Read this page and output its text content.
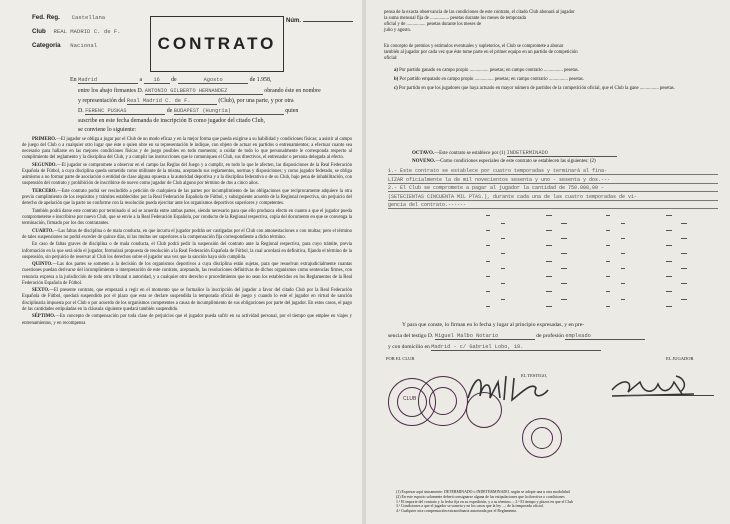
Fed. Reg. Castellana
Club REAL MADRID C. de F.
Categoría Nacional	CONTRATO
Núm.
En Madrid	a 16 de	Agosto	de 1.958,
entre los abajo firmantes D. ANTONIO GILBERTO HERNANDEZ	obrando éste en nombre
y representación del Real Madrid C. de F.	(Club), por una parte, y por otra
D. FERENC PUSKAS	de BUDAPEST (Hungría)	quien
suscribe en este fecha demanda de inscripción B como jugador del citado Club,
se conviene lo siguiente:

PRIMERO.—El jugador se obliga a jugar por el Club de un modo eficaz y en la mejor forma que pueda exigirse a su habilidad y condiciones físicas; a asistir al campo de juego del Club o a cualquier otro lugar que éste o quien obre en su representación le indique, con objeto de actuar en partidos o entrenamientos; a efectuar cuanto sea necesario para hallarse en las mejores condiciones físicas y de juego posibles en todo momento; a cuidar de todo lo que personalmente le corresponda respecto al cumplimiento del reglamento y la disciplina del Club, y a cumplir las instrucciones que le comuniquen el Club, sus directivos, el entrenador o persona delegada al efecto.

SEGUNDO.—El jugador se compromete a observar en el campo las Reglas del Juego y a cumplir, en todo lo que le afecten, las disposiciones de la Real Federación Española de Fútbol, a cuya disciplina queda sometido como militante de la misma, aceptando sus reglamentos, normas y disposiciones; y como jugador federado, se obliga asimismo a no formar parte de asociación o entidad de clase alguna opuesta a la autoridad deportiva y a la disciplina federativa o de su Club, bajo pena de inhabilitación, con suspensión del contrato y prohibición de inscribirse de nuevo como jugador de Club alguno por término de dos a cinco años.

TERCERO.—Este contrato podrá ser rescindido a petición de cualquiera de las partes por incumplimiento de las obligaciones que recíprocamente adquiere la otra previo cumplimiento de los requisitos y trámites establecidos por la Real Federación Española de Fútbol, y subsiguiente acuerdo de la Regional respectiva, sin perjuicio del derecho de apelación que la parte no conforme con la resolución pueda ejercitar ante los organismos deportivos superiores y competentes.

También podrá darse este contrato por terminado si así se acuerda entre ambas partes, siendo necesario para que ello produzca efecto en cuanto a que el jugador pueda comprometerse e inscribirse por nuevo Club, que se envíe a la Real Federación Española, por conducto de la Regional respectiva, copia del documento en que se convenga la terminación, firmado por los dos contratantes.

CUARTO.—Las faltas de disciplina o de mala conducta, en que incurra el jugador podrán ser castigadas por el Club con amonestaciones o con multas; pero el término de tales suspensiones no podrá exceder de quince días, ni las multas ser superiores a la compensación fija correspondiente a dicho término.

En caso de faltas graves de disciplina o de mala conducta, el Club podrá pedir la suspensión del contrato ante la Regional respectiva, para cuyo trámite, previa información en la que será oído el jugador, formulará propuesta de resolución a la Real Federación Española de Fútbol, la cual acordará en definitiva, fijando el término de la suspensión, sin perjuicio de reservar al Club los derechos sobre el jugador una vez que la sanción haya sido cumplida.

QUINTO.—Las dos partes se someten a la decisión de los organismos deportivos a cuya disciplina están sujetas, para que resuelvan extrajudicialmente cuantas cuestiones puedan derivarse del incumplimiento o interpretación de este contrato, aceptando, las resoluciones definitivas de dichos organismos como sentencias firmes, con renuncia expresa a la jurisdicción de todo otro tribunal o autoridad, y a cualquier otro derecho o procedimiento que no sean los establecidos en los Reglamentos de la Real Federación Española de Fútbol.

SEXTO.—El presente contrato, que empezará a regir en el momento que se formalice la inscripción del jugador a favor del citado Club por la Real Federación Española de Fútbol, quedará suspendido por el plazo que esta se declare suspendida la temporada oficial de juego y cuando lo esté el jugador en virtud de sanción disciplinaria impuesta por el Club o por acuerdo de los organismos competentes a causa de incumplimiento de sus obligaciones por parte del jugador. En estos casos, el pago de las cantidades estipuladas en la cláusula siguiente quedará también suspendido.

SÉPTIMO.—En concepto de compensación por toda clase de perjuicios que el jugador pueda sufrir en su actividad personal, por el tiempo que emplee en viajes y entrenamientos, y en recompensa

pensa de la exacta observancia de las condiciones de este contrato, el citado Club abonará al jugador

la suma mensual fija de ................ pesetas durante los meses de temporada

oficial y de ................ pesetas durante los meses de

julio y agosto.

En concepto de premios y estímulos eventuales y supletorios, el Club se compromete a abonar

también al jugador por cada vez que éste tome parte en el primer equipo en un partido de competición

oficial:

a) Por partido ganado en campo propio ................ pesetas; en campo contrario ................ pesetas.

b) Por partido empatado en campo propio ................ pesetas; en campo contrario ................ pesetas.

c) Por partido en que los jugadores que haya actuado en mayor número de partidos de la competición oficial, que el Club la gane ................ pesetas.

OCTAVO.—Este contrato se establece por (1) INDETERMINADO
NOVENO.—Como condiciones especiales de este contrato se establecen las siguientes: (2)
1.- Este contrato se establece por cuatro temporadas y terminará al fina-
LIZAR oficialmente la de mil novecientos sesenta y uno - sesenta y dos.---
2.- El Club se compromete a pagar al jugador la cantidad de 750.000,00 -
(SETECIENTAS CINCUENTA MIL PTAS.), durante cada una de las cuatro temporadas de vi-
gencia del contrato.------
Y para que conste, lo firman en lo fecha y lugar al principio expresadas, y en pre-
sencia del testigo D. Miguel Malbo Notario	de profesión empleado
y con domicilio en Madrid - c/ Gabriel Lobo, 18.
POR EL CLUB	EL JUGADOR
EL TESTIGO,
CLUB

(1) Expresar aquí únicamente: DETERMINADO o INDETERMINADO, según se adopte una u otra modalidad.

(2) En este espacio solamente deberá consignarse alguna de las estipulaciones que la directiva o condiciones

1.ª El importe del contrato y la fecha fija en su expedición, y a su término...; 2.ª El tiempo y plazos en que el Club

3.ª Condiciones a que el jugador se someta y en los casos que la ley ...; de la temporada oficial.

4.ª Cualquier otra compensación extraordinaria autorizada por el Reglamento.
